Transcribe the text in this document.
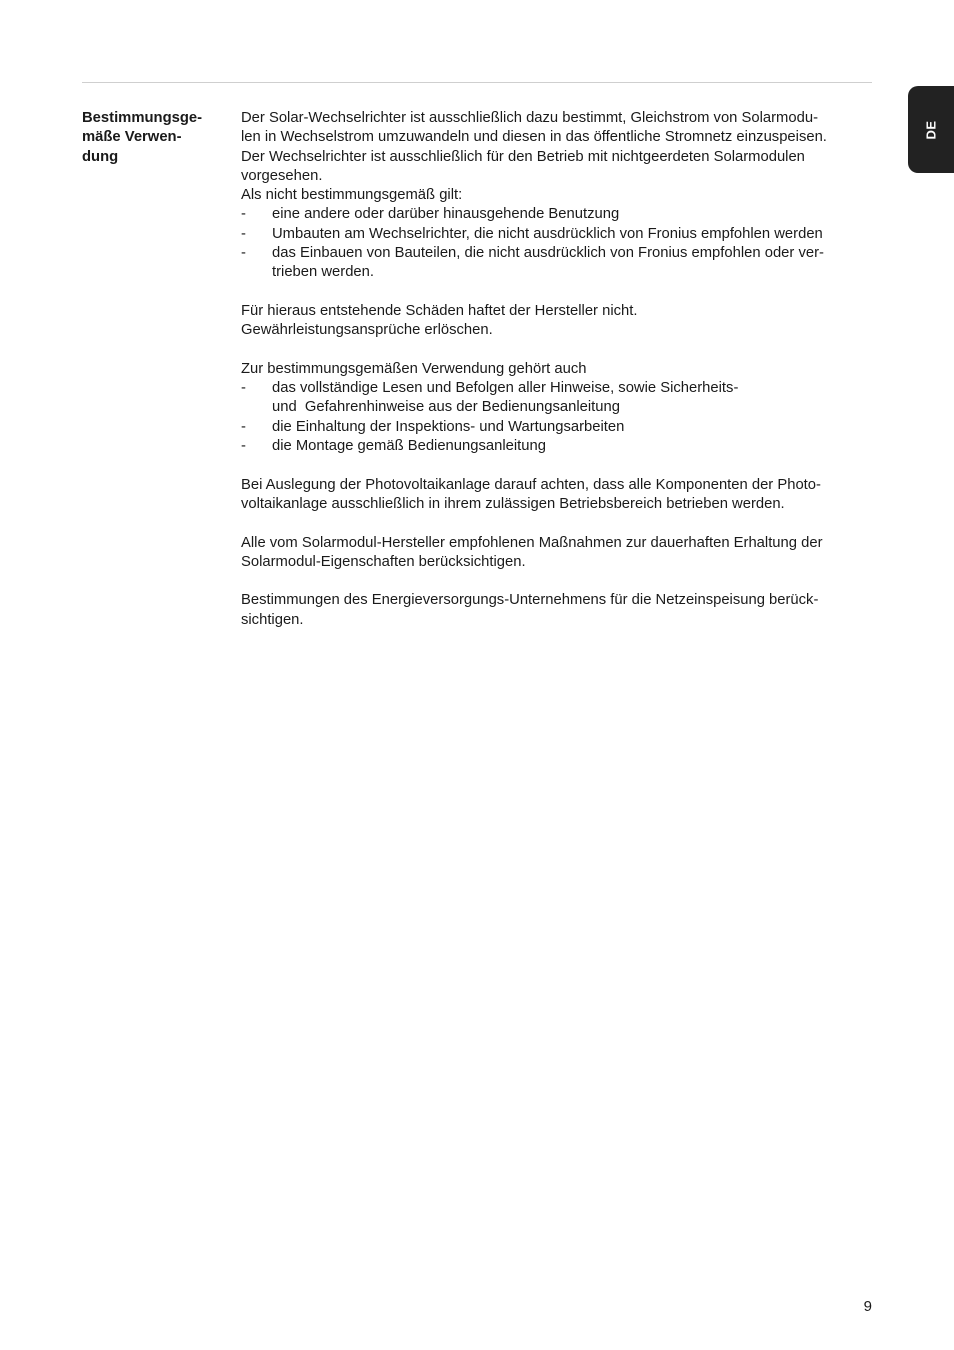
DE
Bestimmungsge-
mäße Verwen-
dung
Der Solar-Wechselrichter ist ausschließlich dazu bestimmt, Gleichstrom von Solarmodu-
len in Wechselstrom umzuwandeln und diesen in das öffentliche Stromnetz einzuspeisen.
Der Wechselrichter ist ausschließlich für den Betrieb mit nichtgeerdeten Solarmodulen
vorgesehen.
Als nicht bestimmungsgemäß gilt:
- eine andere oder darüber hinausgehende Benutzung
- Umbauten am Wechselrichter, die nicht ausdrücklich von Fronius empfohlen werden
- das Einbauen von Bauteilen, die nicht ausdrücklich von Fronius empfohlen oder ver-
trieben werden.
Für hieraus entstehende Schäden haftet der Hersteller nicht.
Gewährleistungsansprüche erlöschen.
Zur bestimmungsgemäßen Verwendung gehört auch
- das vollständige Lesen und Befolgen aller Hinweise, sowie Sicherheits-
und  Gefahrenhinweise aus der Bedienungsanleitung
- die Einhaltung der Inspektions- und Wartungsarbeiten
- die Montage gemäß Bedienungsanleitung
Bei Auslegung der Photovoltaikanlage darauf achten, dass alle Komponenten der Photo-
voltaikanlage ausschließlich in ihrem zulässigen Betriebsbereich betrieben werden.
Alle vom Solarmodul-Hersteller empfohlenen Maßnahmen zur dauerhaften Erhaltung der
Solarmodul-Eigenschaften berücksichtigen.
Bestimmungen des Energieversorgungs-Unternehmens für die Netzeinspeisung berück-
sichtigen.
9
